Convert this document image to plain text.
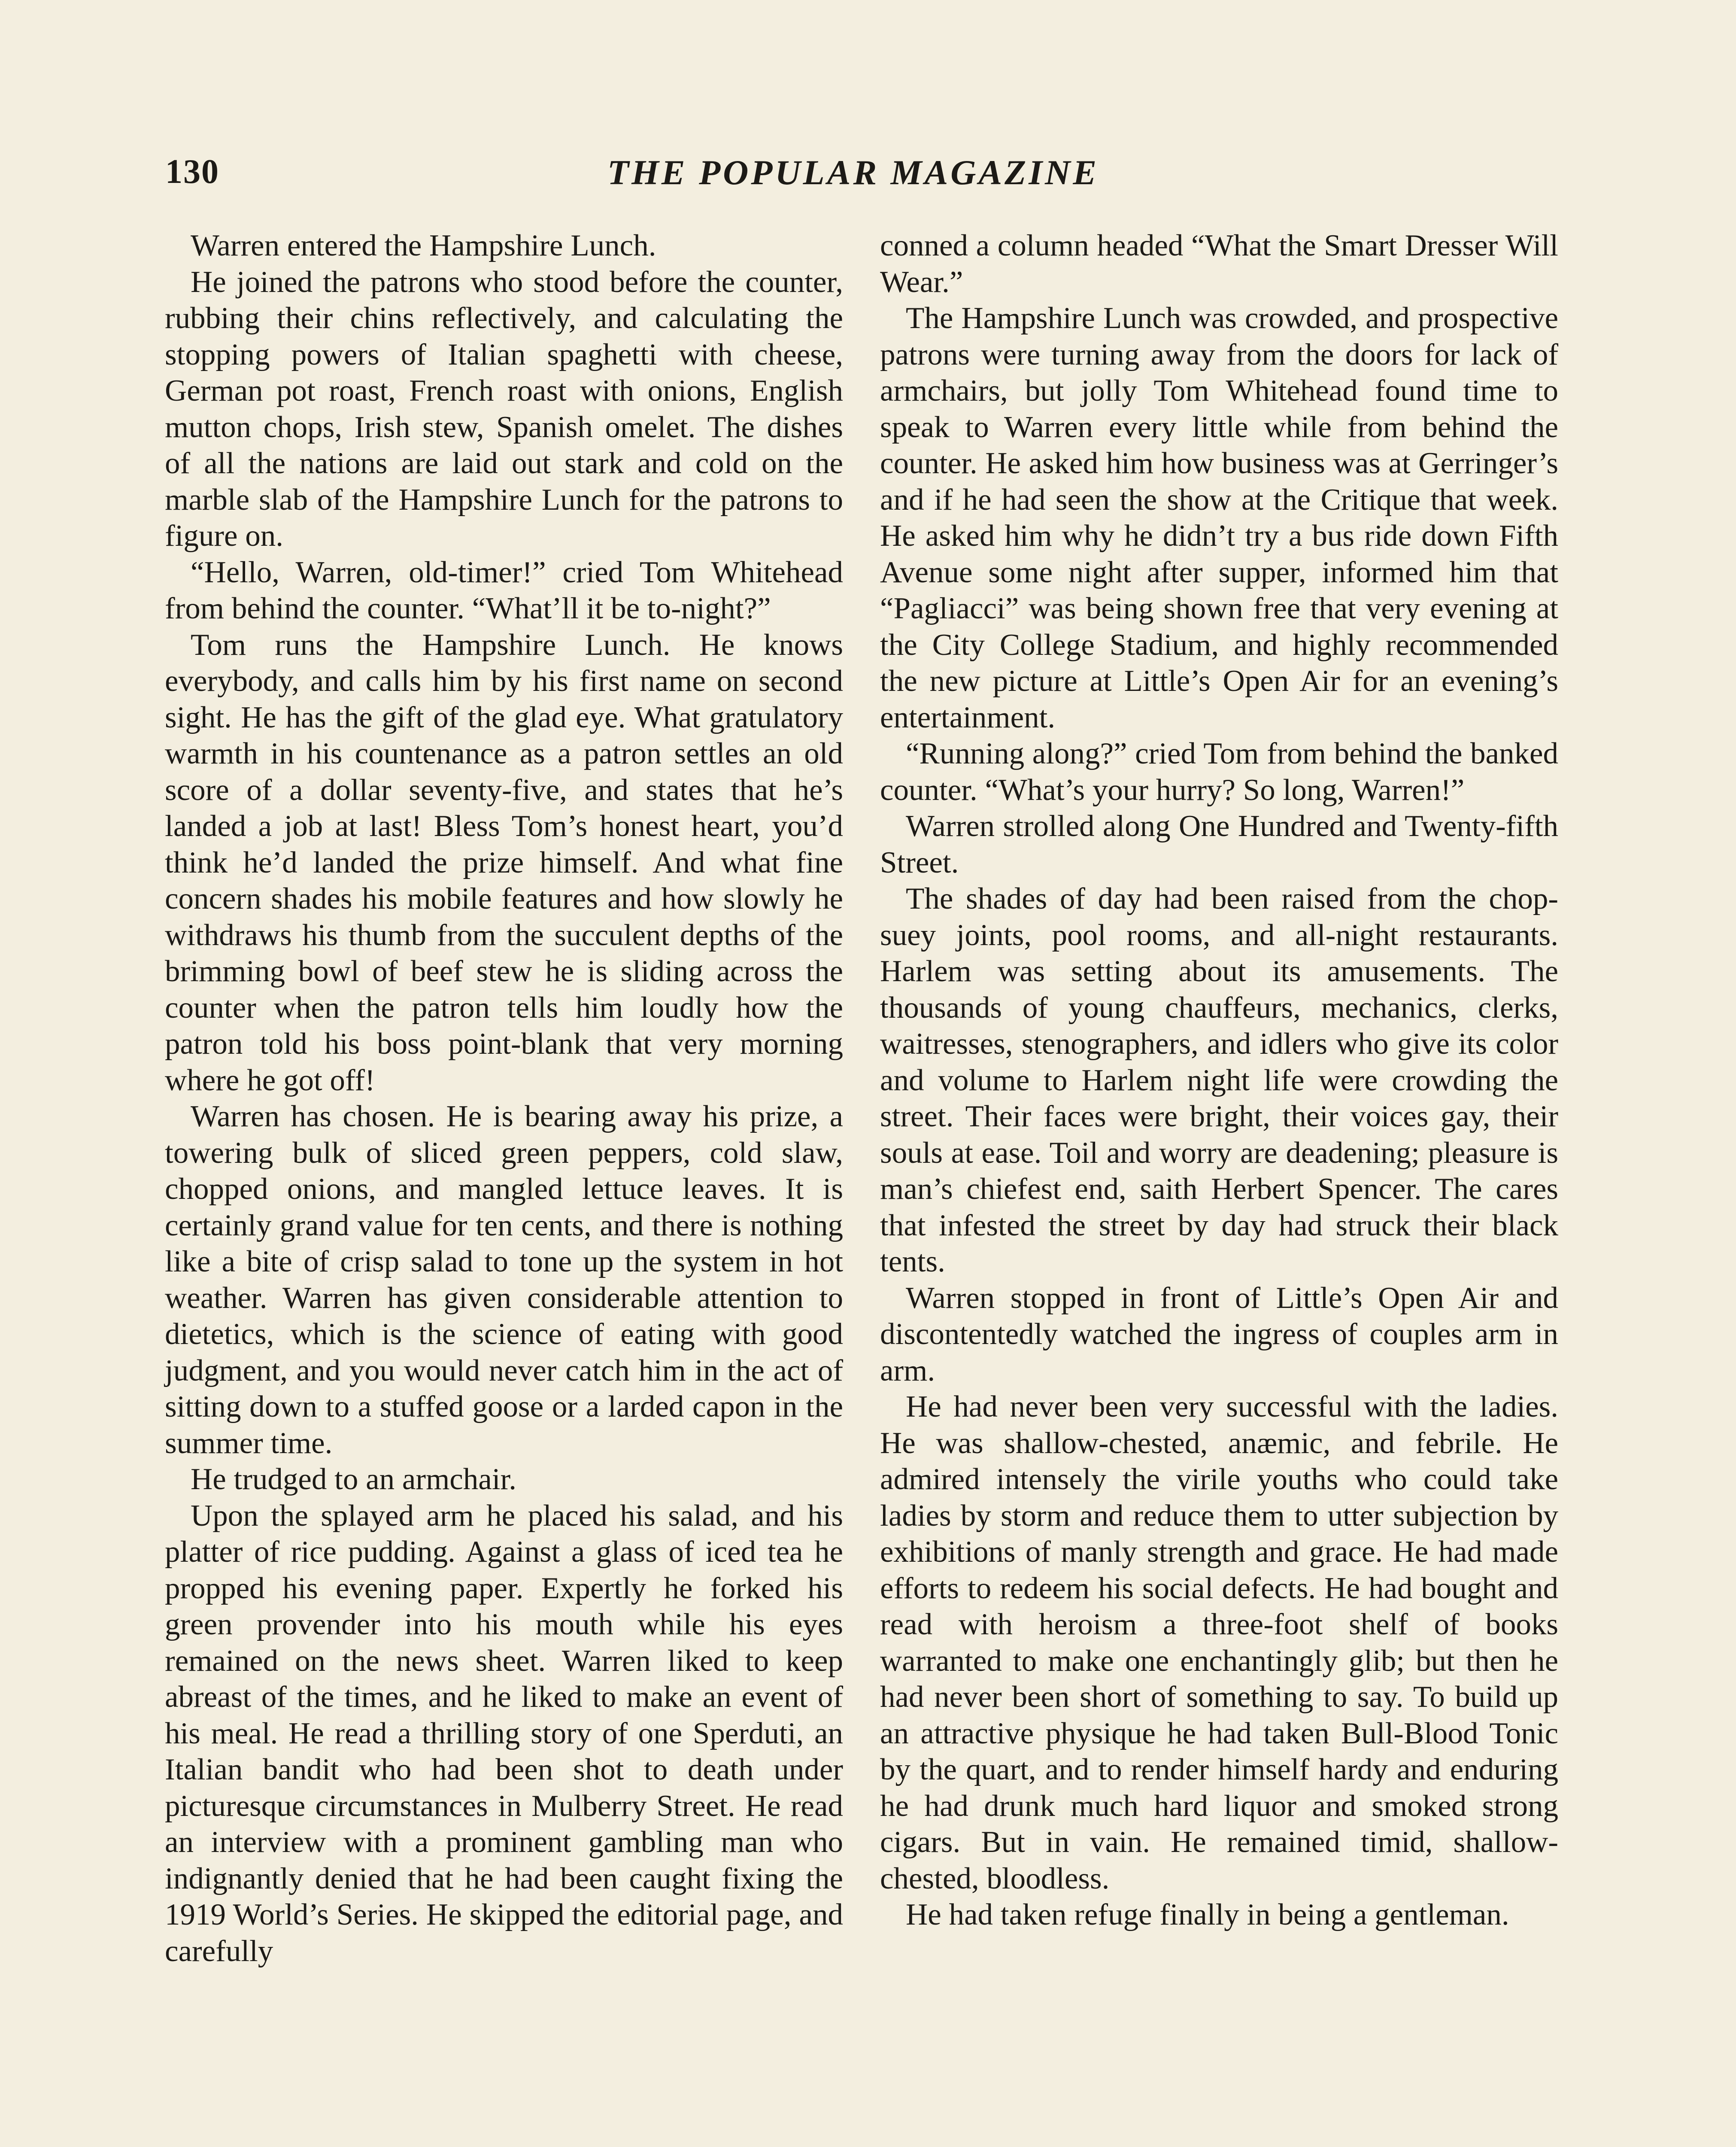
130	THE POPULAR MAGAZINE

Warren entered the Hampshire Lunch.

He joined the patrons who stood before the counter, rubbing their chins reflectively, and calculating the stopping powers of Italian spaghetti with cheese, German pot roast, French roast with onions, English mutton chops, Irish stew, Spanish omelet. The dishes of all the nations are laid out stark and cold on the marble slab of the Hampshire Lunch for the patrons to figure on.

“Hello, Warren, old-timer!” cried Tom Whitehead from behind the counter. “What’ll it be to-night?”

Tom runs the Hampshire Lunch. He knows everybody, and calls him by his first name on second sight. He has the gift of the glad eye. What gratulatory warmth in his countenance as a patron settles an old score of a dollar seventy-five, and states that he’s landed a job at last! Bless Tom’s honest heart, you’d think he’d landed the prize himself. And what fine concern shades his mobile features and how slowly he withdraws his thumb from the succulent depths of the brimming bowl of beef stew he is sliding across the counter when the patron tells him loudly how the patron told his boss point-blank that very morning where he got off!

Warren has chosen. He is bearing away his prize, a towering bulk of sliced green peppers, cold slaw, chopped onions, and mangled lettuce leaves. It is certainly grand value for ten cents, and there is nothing like a bite of crisp salad to tone up the system in hot weather. Warren has given considerable attention to dietetics, which is the science of eating with good judgment, and you would never catch him in the act of sitting down to a stuffed goose or a larded capon in the summer time.

He trudged to an armchair.

Upon the splayed arm he placed his salad, and his platter of rice pudding. Against a glass of iced tea he propped his evening paper. Expertly he forked his green provender into his mouth while his eyes remained on the news sheet. Warren liked to keep abreast of the times, and he liked to make an event of his meal. He read a thrilling story of one Sperduti, an Italian bandit who had been shot to death under picturesque circumstances in Mulberry Street. He read an interview with a prominent gambling man who indignantly denied that he had been caught fixing the 1919 World’s Series. He skipped the editorial page, and carefully

conned a column headed “What the Smart Dresser Will Wear.”

The Hampshire Lunch was crowded, and prospective patrons were turning away from the doors for lack of armchairs, but jolly Tom Whitehead found time to speak to Warren every little while from behind the counter. He asked him how business was at Gerringer’s and if he had seen the show at the Critique that week. He asked him why he didn’t try a bus ride down Fifth Avenue some night after supper, informed him that “Pagliacci” was being shown free that very evening at the City College Stadium, and highly recommended the new picture at Little’s Open Air for an evening’s entertainment.

“Running along?” cried Tom from behind the banked counter. “What’s your hurry? So long, Warren!”

Warren strolled along One Hundred and Twenty-fifth Street.

The shades of day had been raised from the chop-suey joints, pool rooms, and all-night restaurants. Harlem was setting about its amusements. The thousands of young chauffeurs, mechanics, clerks, waitresses, stenographers, and idlers who give its color and volume to Harlem night life were crowding the street. Their faces were bright, their voices gay, their souls at ease. Toil and worry are deadening; pleasure is man’s chiefest end, saith Herbert Spencer. The cares that infested the street by day had struck their black tents.

Warren stopped in front of Little’s Open Air and discontentedly watched the ingress of couples arm in arm.

He had never been very successful with the ladies. He was shallow-chested, anæmic, and febrile. He admired intensely the virile youths who could take ladies by storm and reduce them to utter subjection by exhibitions of manly strength and grace. He had made efforts to redeem his social defects. He had bought and read with heroism a three-foot shelf of books warranted to make one enchantingly glib; but then he had never been short of something to say. To build up an attractive physique he had taken Bull-Blood Tonic by the quart, and to render himself hardy and enduring he had drunk much hard liquor and smoked strong cigars. But in vain. He remained timid, shallow-chested, bloodless.

He had taken refuge finally in being a gentleman.
